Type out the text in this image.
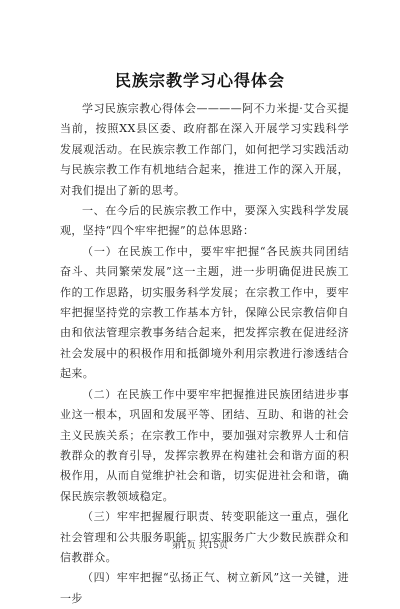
民族宗教学习心得体会

学习民族宗教心得体会————阿不力米提·艾合买提当前，按照XX县区委、政府都在深入开展学习实践科学发展观活动。在民族宗教工作部门，如何把学习实践活动与民族宗教工作有机地结合起来，推进工作的深入开展，对我们提出了新的思考。

一、在今后的民族宗教工作中，要深入实践科学发展观，坚持“四个牢牢把握”的总体思路：

（一）在民族工作中，要牢牢把握“各民族共同团结奋斗、共同繁荣发展”这一主题，进一步明确促进民族工作的工作思路，切实服务科学发展；在宗教工作中，要牢牢把握坚持党的宗教工作基本方针，保障公民宗教信仰自由和依法管理宗教事务结合起来，把发挥宗教在促进经济社会发展中的积极作用和抵御境外利用宗教进行渗透结合起来。

（二）在民族工作中要牢牢把握推进民族团结进步事业这一根本，巩固和发展平等、团结、互助、和谐的社会主义民族关系；在宗教工作中，要加强对宗教界人士和信教群众的教育引导，发挥宗教界在构建社会和谐方面的积极作用，从而自觉维护社会和谐，切实促进社会和谐，确保民族宗教领域稳定。

（三）牢牢把握履行职责、转变职能这一重点，强化社会管理和公共服务职能，切实服务广大少数民族群众和信教群众。

（四）牢牢把握“弘扬正气、树立新风”这一关键，进一步

第1页 共15页
